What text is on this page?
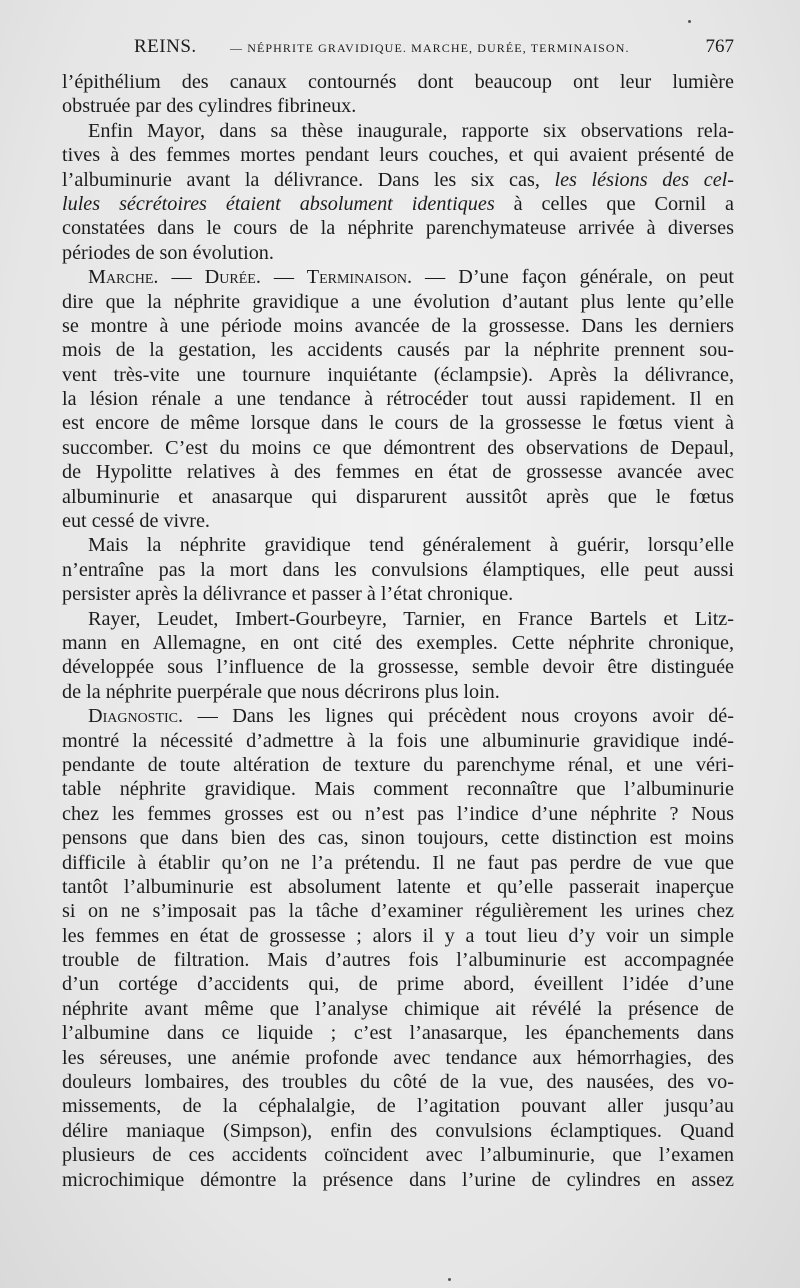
REINS.	— NÉPHRITE GRAVIDIQUE. MARCHE, DURÉE, TERMINAISON.	767
l’épithélium des canaux contournés dont beaucoup ont leur lumière
obstruée par des cylindres fibrineux.
Enfin Mayor, dans sa thèse inaugurale, rapporte six observations rela-
tives à des femmes mortes pendant leurs couches, et qui avaient présenté de
l’albuminurie avant la délivrance. Dans les six cas, les lésions des cel-
lules sécrétoires étaient absolument identiques à celles que Cornil a
constatées dans le cours de la néphrite parenchymateuse arrivée à diverses
périodes de son évolution.
Marche. — Durée. — Terminaison. — D’une façon générale, on peut
dire que la néphrite gravidique a une évolution d’autant plus lente qu’elle
se montre à une période moins avancée de la grossesse. Dans les derniers
mois de la gestation, les accidents causés par la néphrite prennent sou-
vent très-vite une tournure inquiétante (éclampsie). Après la délivrance,
la lésion rénale a une tendance à rétrocéder tout aussi rapidement. Il en
est encore de même lorsque dans le cours de la grossesse le fœtus vient à
succomber. C’est du moins ce que démontrent des observations de Depaul,
de Hypolitte relatives à des femmes en état de grossesse avancée avec
albuminurie et anasarque qui disparurent aussitôt après que le fœtus
eut cessé de vivre.
Mais la néphrite gravidique tend généralement à guérir, lorsqu’elle
n’entraîne pas la mort dans les convulsions élamptiques, elle peut aussi
persister après la délivrance et passer à l’état chronique.
Rayer, Leudet, Imbert-Gourbeyre, Tarnier, en France Bartels et Litz-
mann en Allemagne, en ont cité des exemples. Cette néphrite chronique,
développée sous l’influence de la grossesse, semble devoir être distinguée
de la néphrite puerpérale que nous décrirons plus loin.
Diagnostic. — Dans les lignes qui précèdent nous croyons avoir dé-
montré la nécessité d’admettre à la fois une albuminurie gravidique indé-
pendante de toute altération de texture du parenchyme rénal, et une véri-
table néphrite gravidique. Mais comment reconnaître que l’albuminurie
chez les femmes grosses est ou n’est pas l’indice d’une néphrite ? Nous
pensons que dans bien des cas, sinon toujours, cette distinction est moins
difficile à établir qu’on ne l’a prétendu. Il ne faut pas perdre de vue que
tantôt l’albuminurie est absolument latente et qu’elle passerait inaperçue
si on ne s’imposait pas la tâche d’examiner régulièrement les urines chez
les femmes en état de grossesse ; alors il y a tout lieu d’y voir un simple
trouble de filtration. Mais d’autres fois l’albuminurie est accompagnée
d’un cortége d’accidents qui, de prime abord, éveillent l’idée d’une
néphrite avant même que l’analyse chimique ait révélé la présence de
l’albumine dans ce liquide ; c’est l’anasarque, les épanchements dans
les séreuses, une anémie profonde avec tendance aux hémorrhagies, des
douleurs lombaires, des troubles du côté de la vue, des nausées, des vo-
missements, de la céphalalgie, de l’agitation pouvant aller jusqu’au
délire maniaque (Simpson), enfin des convulsions éclamptiques. Quand
plusieurs de ces accidents coïncident avec l’albuminurie, que l’examen
microchimique démontre la présence dans l’urine de cylindres en assez
